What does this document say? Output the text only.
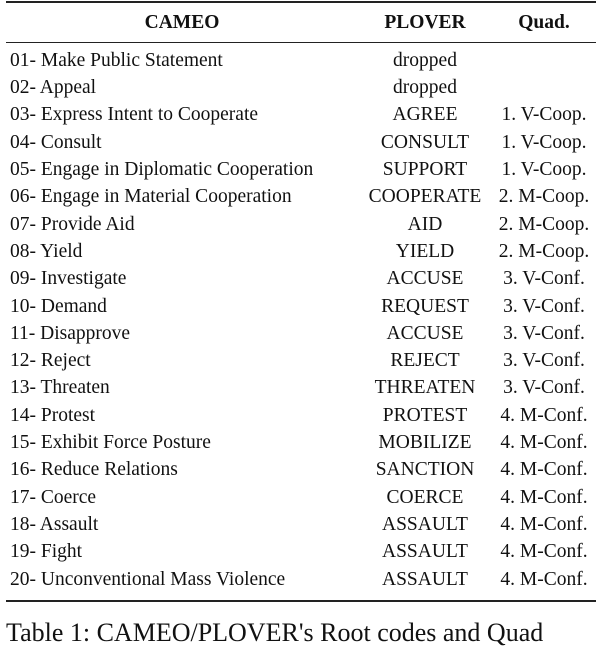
CAMEO	PLOVER	Quad.
01- Make Public Statement	dropped	
02- Appeal	dropped	
03- Express Intent to Cooperate	AGREE	1. V-Coop.
04- Consult	CONSULT	1. V-Coop.
05- Engage in Diplomatic Cooperation	SUPPORT	1. V-Coop.
06- Engage in Material Cooperation	COOPERATE	2. M-Coop.
07- Provide Aid	AID	2. M-Coop.
08- Yield	YIELD	2. M-Coop.
09- Investigate	ACCUSE	3. V-Conf.
10- Demand	REQUEST	3. V-Conf.
11- Disapprove	ACCUSE	3. V-Conf.
12- Reject	REJECT	3. V-Conf.
13- Threaten	THREATEN	3. V-Conf.
14- Protest	PROTEST	4. M-Conf.
15- Exhibit Force Posture	MOBILIZE	4. M-Conf.
16- Reduce Relations	SANCTION	4. M-Conf.
17- Coerce	COERCE	4. M-Conf.
18- Assault	ASSAULT	4. M-Conf.
19- Fight	ASSAULT	4. M-Conf.
20- Unconventional Mass Violence	ASSAULT	4. M-Conf.
Table 1: CAMEO/PLOVER's Root codes and Quad
